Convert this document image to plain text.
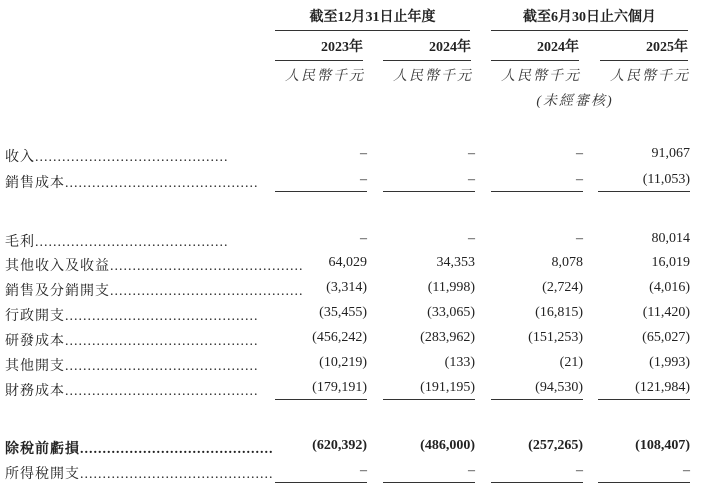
截至12月31日止年度	截至6月30日止六個月
2023年	2024年	2024年	2025年
人民幣千元	人民幣千元	人民幣千元	人民幣千元
(未經審核)
收入...........................................	–	–	–	91,067
銷售成本...........................................	–	–	–	(11,053)
毛利...........................................	–	–	–	80,014
其他收入及收益...........................................	64,029	34,353	8,078	16,019
銷售及分銷開支...........................................	(3,314)	(11,998)	(2,724)	(4,016)
行政開支...........................................	(35,455)	(33,065)	(16,815)	(11,420)
研發成本...........................................	(456,242)	(283,962)	(151,253)	(65,027)
其他開支...........................................	(10,219)	(133)	(21)	(1,993)
財務成本...........................................	(179,191)	(191,195)	(94,530)	(121,984)
除稅前虧損...........................................	(620,392)	(486,000)	(257,265)	(108,407)
所得稅開支...........................................	–	–	–	–
